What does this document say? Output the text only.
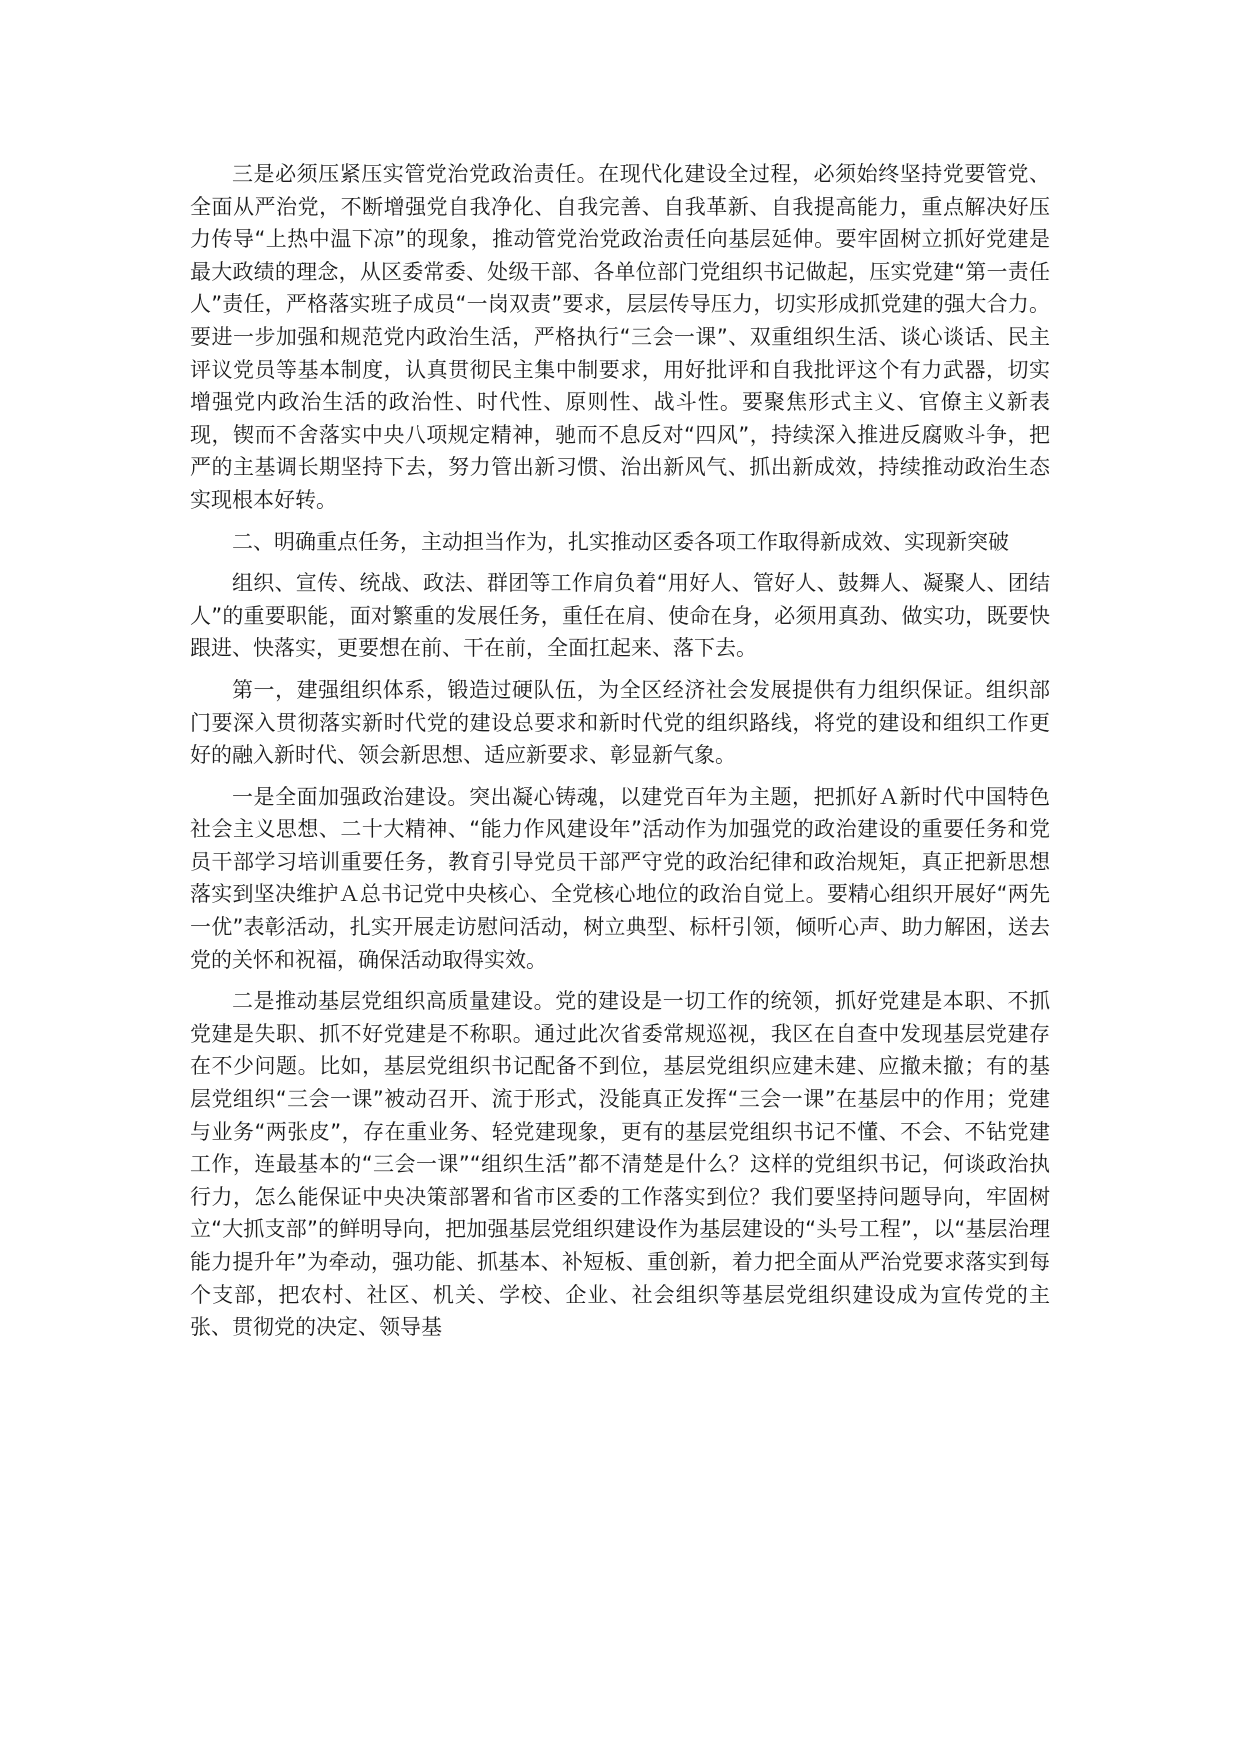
三是必须压紧压实管党治党政治责任。在现代化建设全过程，必须始终坚持党要管党、全面从严治党，不断增强党自我净化、自我完善、自我革新、自我提高能力，重点解决好压力传导“上热中温下凉”的现象，推动管党治党政治责任向基层延伸。要牢固树立抓好党建是最大政绩的理念，从区委常委、处级干部、各单位部门党组织书记做起，压实党建“第一责任人”责任，严格落实班子成员“一岗双责”要求，层层传导压力，切实形成抓党建的强大合力。要进一步加强和规范党内政治生活，严格执行“三会一课”、双重组织生活、谈心谈话、民主评议党员等基本制度，认真贯彻民主集中制要求，用好批评和自我批评这个有力武器，切实增强党内政治生活的政治性、时代性、原则性、战斗性。要聚焦形式主义、官僚主义新表现，锲而不舍落实中央八项规定精神，驰而不息反对“四风”，持续深入推进反腐败斗争，把严的主基调长期坚持下去，努力管出新习惯、治出新风气、抓出新成效，持续推动政治生态实现根本好转。

二、明确重点任务，主动担当作为，扎实推动区委各项工作取得新成效、实现新突破

组织、宣传、统战、政法、群团等工作肩负着“用好人、管好人、鼓舞人、凝聚人、团结人”的重要职能，面对繁重的发展任务，重任在肩、使命在身，必须用真劲、做实功，既要快跟进、快落实，更要想在前、干在前，全面扛起来、落下去。

第一，建强组织体系，锻造过硬队伍，为全区经济社会发展提供有力组织保证。组织部门要深入贯彻落实新时代党的建设总要求和新时代党的组织路线，将党的建设和组织工作更好的融入新时代、领会新思想、适应新要求、彰显新气象。

一是全面加强政治建设。突出凝心铸魂，以建党百年为主题，把抓好Ａ新时代中国特色社会主义思想、二十大精神、“能力作风建设年”活动作为加强党的政治建设的重要任务和党员干部学习培训重要任务，教育引导党员干部严守党的政治纪律和政治规矩，真正把新思想落实到坚决维护Ａ总书记党中央核心、全党核心地位的政治自觉上。要精心组织开展好“两先一优”表彰活动，扎实开展走访慰问活动，树立典型、标杆引领，倾听心声、助力解困，送去党的关怀和祝福，确保活动取得实效。

二是推动基层党组织高质量建设。党的建设是一切工作的统领，抓好党建是本职、不抓党建是失职、抓不好党建是不称职。通过此次省委常规巡视，我区在自查中发现基层党建存在不少问题。比如，基层党组织书记配备不到位，基层党组织应建未建、应撤未撤；有的基层党组织“三会一课”被动召开、流于形式，没能真正发挥“三会一课”在基层中的作用；党建与业务“两张皮”，存在重业务、轻党建现象，更有的基层党组织书记不懂、不会、不钻党建工作，连最基本的“三会一课”“组织生活”都不清楚是什么？这样的党组织书记，何谈政治执行力，怎么能保证中央决策部署和省市区委的工作落实到位？我们要坚持问题导向，牢固树立“大抓支部”的鲜明导向，把加强基层党组织建设作为基层建设的“头号工程”，以“基层治理能力提升年”为牵动，强功能、抓基本、补短板、重创新，着力把全面从严治党要求落实到每个支部，把农村、社区、机关、学校、企业、社会组织等基层党组织建设成为宣传党的主张、贯彻党的决定、领导基
